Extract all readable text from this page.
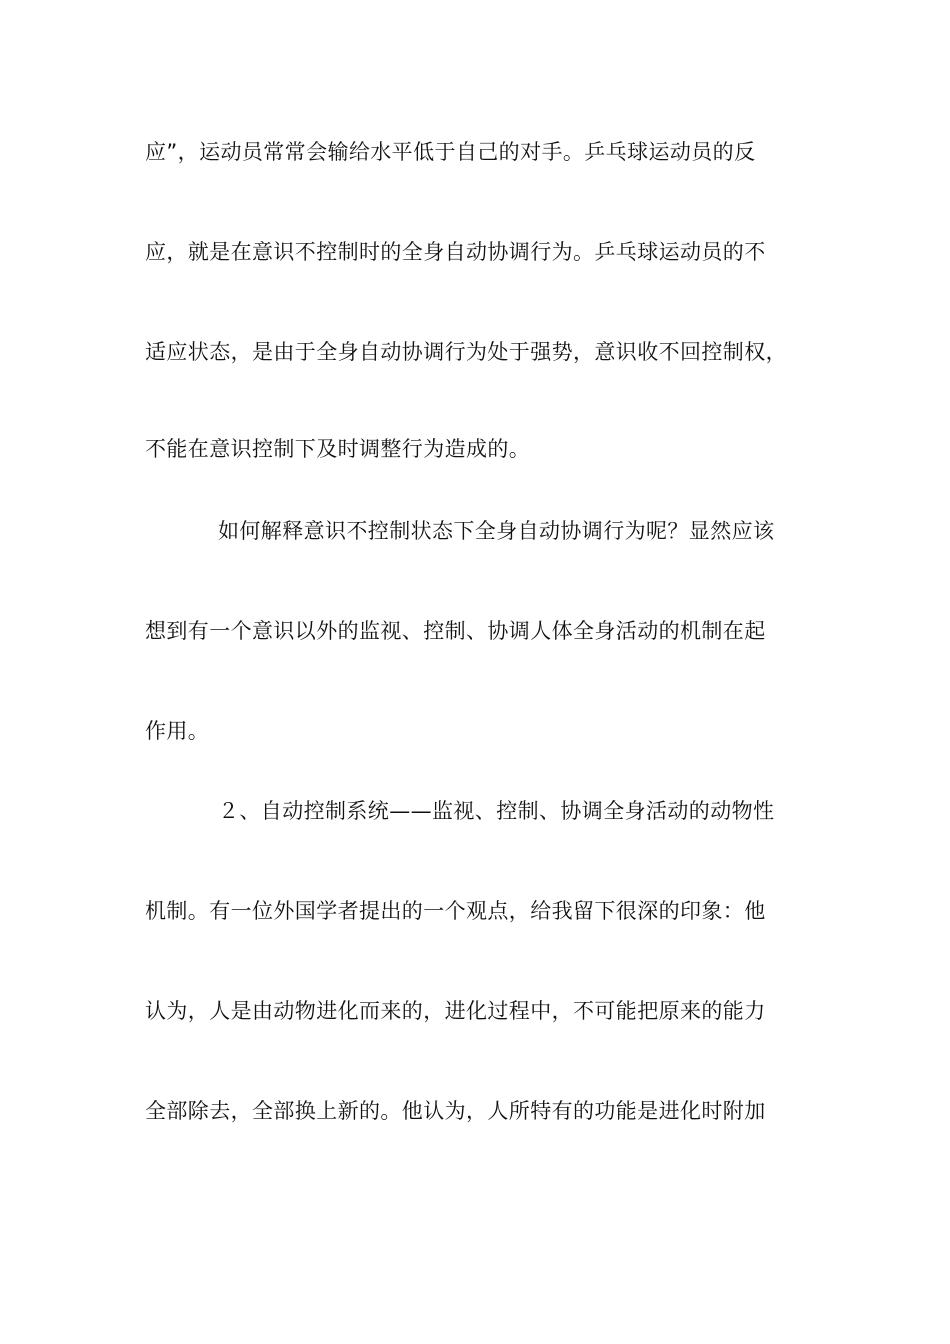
应”，运动员常常会输给水平低于自己的对手。乒乓球运动员的反
应，就是在意识不控制时的全身自动协调行为。乒乓球运动员的不
适应状态，是由于全身自动协调行为处于强势，意识收不回控制权，
不能在意识控制下及时调整行为造成的。
如何解释意识不控制状态下全身自动协调行为呢？显然应该
想到有一个意识以外的监视、控制、协调人体全身活动的机制在起
作用。
２、自动控制系统——监视、控制、协调全身活动的动物性
机制。有一位外国学者提出的一个观点，给我留下很深的印象：他
认为，人是由动物进化而来的，进化过程中，不可能把原来的能力
全部除去，全部换上新的。他认为，人所特有的功能是进化时附加
